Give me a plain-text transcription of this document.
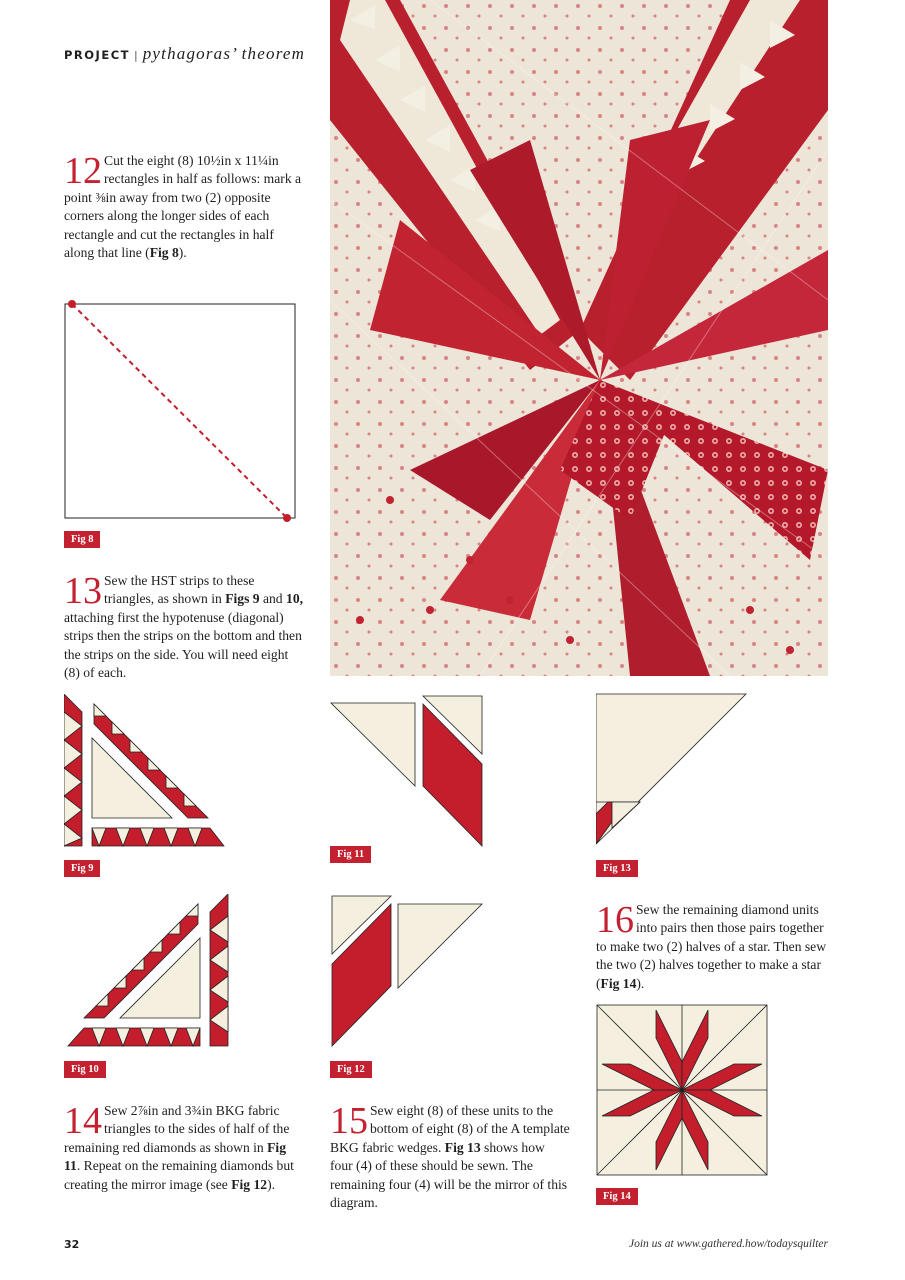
PROJECT | pythagoras’ theorem
12 Cut the eight (8) 10½in x 11¼in rectangles in half as follows: mark a point ⅜in away from two (2) opposite corners along the longer sides of each rectangle and cut the rectangles in half along that line (Fig 8).
Fig 8
13 Sew the HST strips to these triangles, as shown in Figs 9 and 10, attaching first the hypotenuse (diagonal) strips then the strips on the bottom and then the strips on the side. You will need eight (8) of each.
Fig 9
Fig 10
Fig 11
Fig 12
Fig 13
16 Sew the remaining diamond units into pairs then those pairs together to make two (2) halves of a star. Then sew the two (2) halves together to make a star (Fig 14).
Fig 14
14 Sew 2⅞in and 3¾in BKG fabric triangles to the sides of half of the remaining red diamonds as shown in Fig 11. Repeat on the remaining diamonds but creating the mirror image (see Fig 12).
15 Sew eight (8) of these units to the bottom of eight (8) of the A template BKG fabric wedges. Fig 13 shows how four (4) of these should be sewn. The remaining four (4) will be the mirror of this diagram.
32	Join us at www.gathered.how/todaysquilter
